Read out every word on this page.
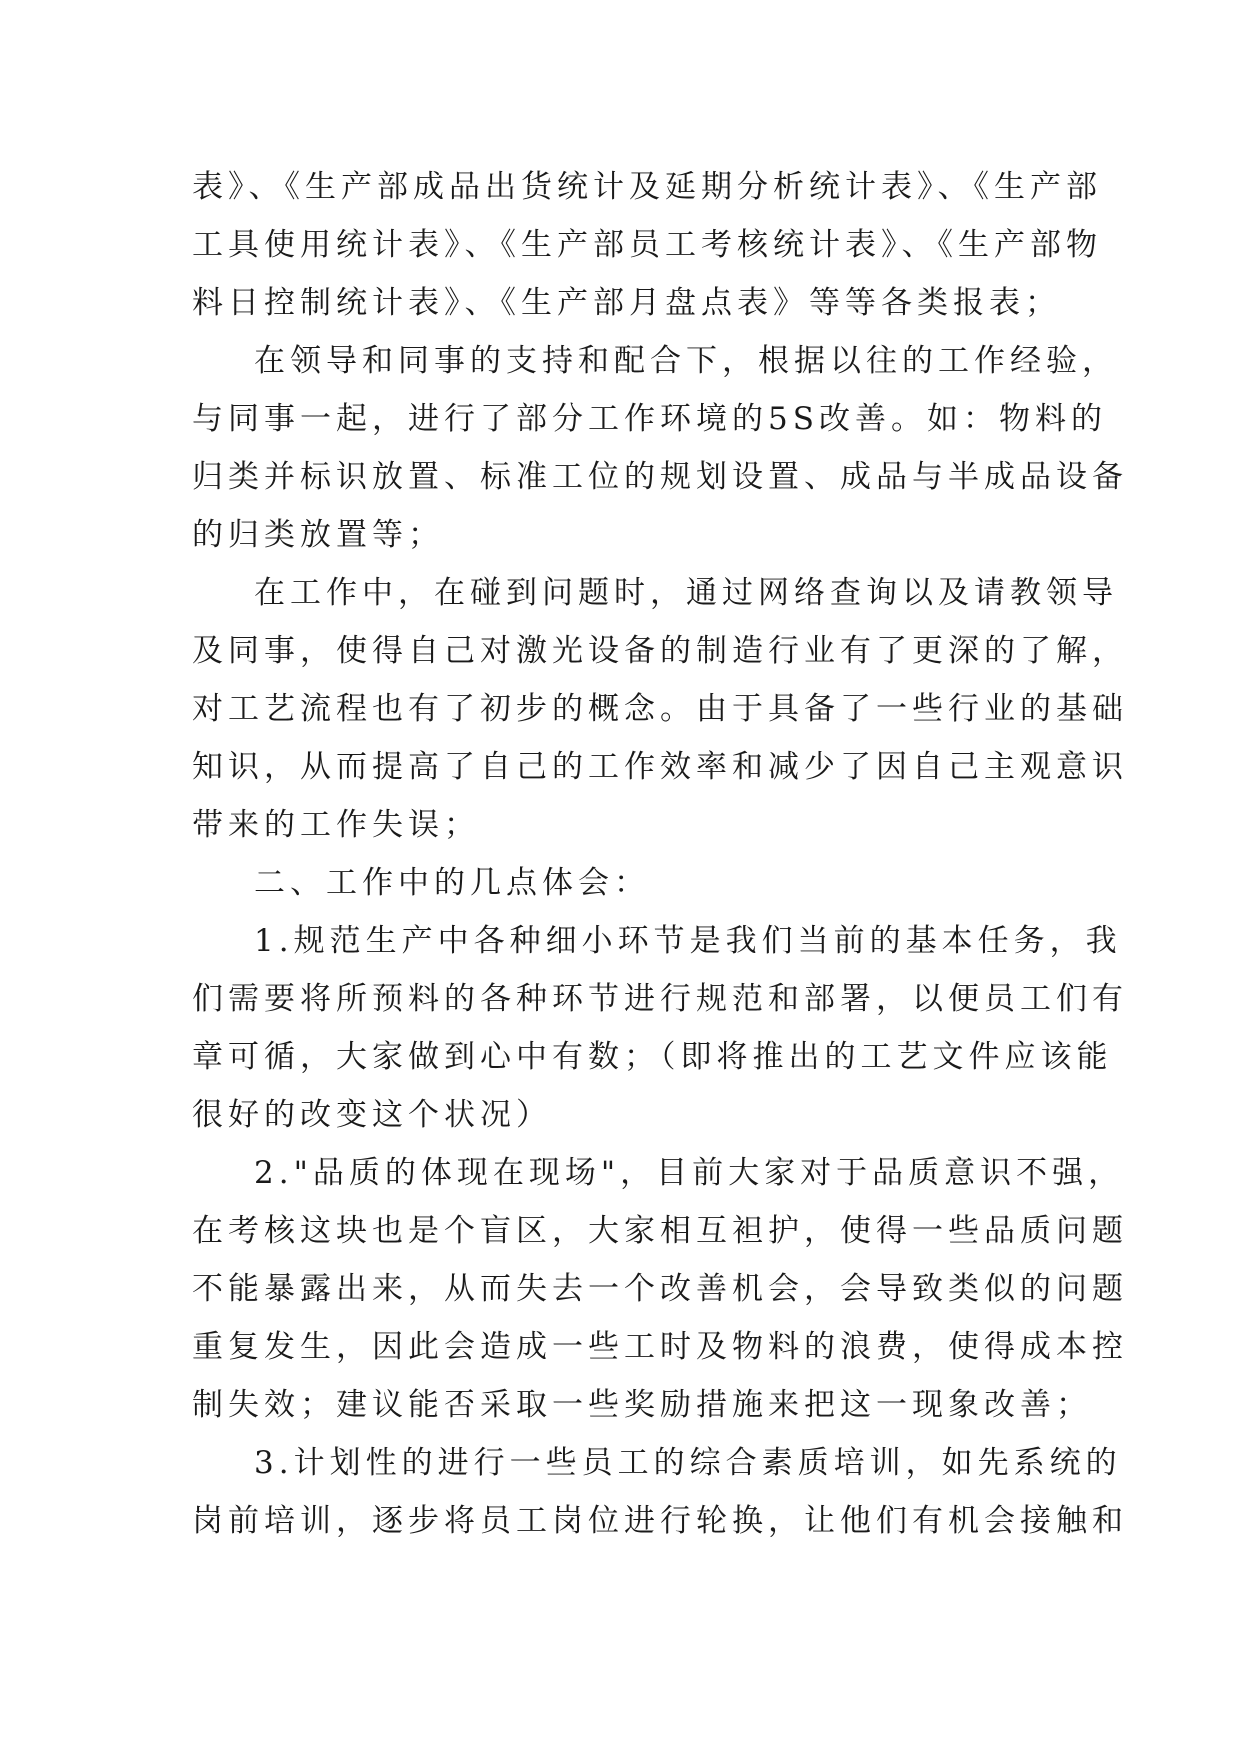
表》、《生产部成品出货统计及延期分析统计表》、《生产部
工具使用统计表》、《生产部员工考核统计表》、《生产部物
料日控制统计表》、《生产部月盘点表》等等各类报表；
在领导和同事的支持和配合下，根据以往的工作经验，
与同事一起，进行了部分工作环境的5S改善。如：物料的
归类并标识放置、标准工位的规划设置、成品与半成品设备
的归类放置等；
在工作中，在碰到问题时，通过网络查询以及请教领导
及同事，使得自己对激光设备的制造行业有了更深的了解，
对工艺流程也有了初步的概念。由于具备了一些行业的基础
知识，从而提高了自己的工作效率和减少了因自己主观意识
带来的工作失误；
二、工作中的几点体会：
1.规范生产中各种细小环节是我们当前的基本任务，我
们需要将所预料的各种环节进行规范和部署，以便员工们有
章可循，大家做到心中有数；（即将推出的工艺文件应该能
很好的改变这个状况）
2."品质的体现在现场"，目前大家对于品质意识不强，
在考核这块也是个盲区，大家相互袒护，使得一些品质问题
不能暴露出来，从而失去一个改善机会，会导致类似的问题
重复发生，因此会造成一些工时及物料的浪费，使得成本控
制失效；建议能否采取一些奖励措施来把这一现象改善；
3.计划性的进行一些员工的综合素质培训，如先系统的
岗前培训，逐步将员工岗位进行轮换，让他们有机会接触和
